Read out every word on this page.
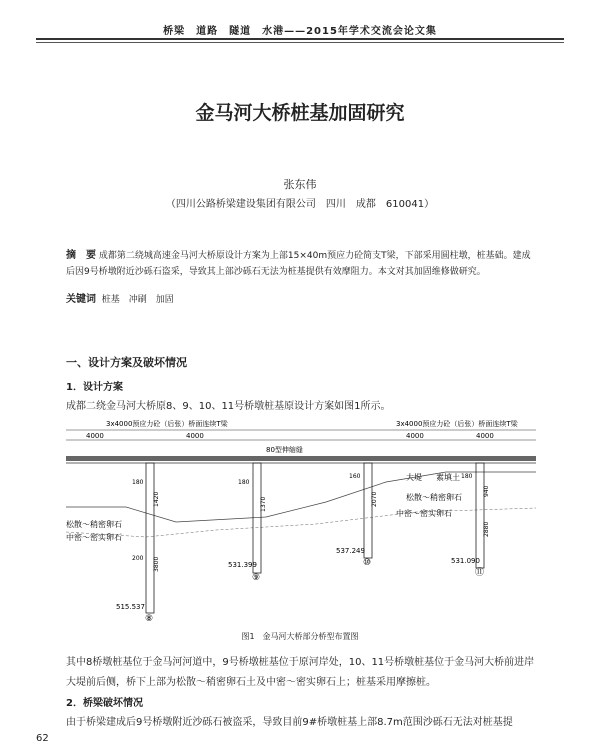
桥梁　道路　隧道　水港——2015年学术交流会论文集
金马河大桥桩基加固研究
张东伟
（四川公路桥梁建设集团有限公司　四川　成都　610041）
摘　要 成都第二绕城高速金马河大桥原设计方案为上部15×40m预应力砼简支T梁，下部采用圆柱墩，桩基础。建成后因9号桥墩附近沙砾石盗采，导致其上部沙砾石无法为桩基提供有效摩阻力。本文对其加固维修做研究。
关键词 桩基　冲刷　加固
一、设计方案及破坏情况
1．设计方案
成都二绕金马河大桥原8、9、10、11号桥墩桩基原设计方案如图1所示。
3x4000预应力砼（后张）桥面连续T梁	3x4000预应力砼（后张）桥面连续T梁
4000	4000	4000	4000
80型伸缩缝
180
1420
200 3800
515.537
⑧
180
1370
531.399
⑨
160
2070
537.249
⑩
180
940
2880
531.090
⑪
大堤 素填土
松散～稍密卵石
中密～密实卵石
松散～稍密卵石
中密～密实卵石
图1　金马河大桥部分桥型布置图
其中8桥墩桩基位于金马河河道中，9号桥墩桩基位于原河岸处，10、11号桥墩桩基位于金马河大桥前进岸大堤前后侧，桥下上部为松散～稍密卵石土及中密～密实卵石上；桩基采用摩擦桩。
2．桥梁破坏情况
由于桥梁建成后9号桥墩附近沙砾石被盗采，导致目前9#桥墩桩基上部8.7m范围沙砾石无法对桩基提
62
